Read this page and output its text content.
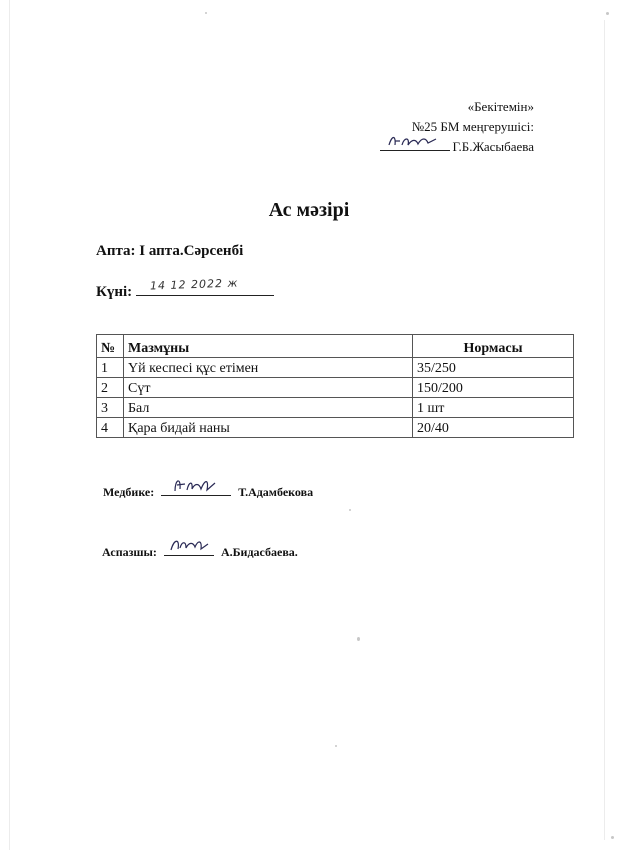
«Бекітемін»
№25 БМ меңгерушісі:
Г.Б.Жасыбаева
Ас мәзірі
Апта: І апта.Сәрсенбі
Күні: 14 12 2022 ж
№	Мазмұны	Нормасы
1	Үй кеспесі құс етімен	35/250
2	Сүт	150/200
3	Бал	1 шт
4	Қара бидай наны	20/40
Медбике:	Т.Адамбекова
Аспазшы:	А.Бидасбаева.
